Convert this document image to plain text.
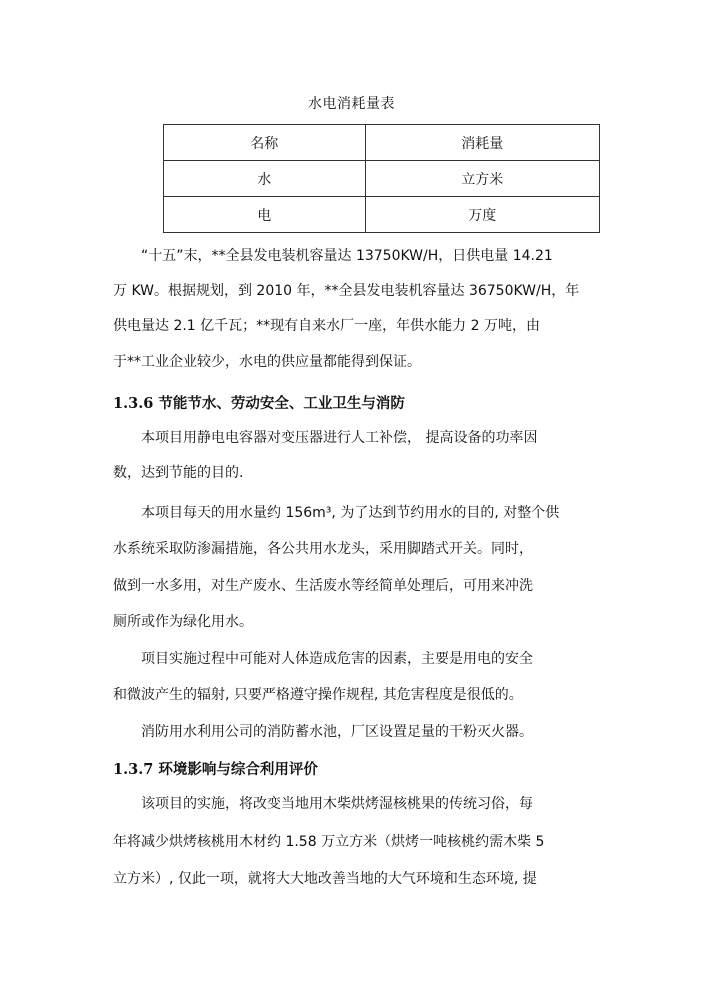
水电消耗量表
名称	消耗量
水	立方米
电	万度
“十五”末，**全县发电装机容量达 13750KW/H，日供电量 14.21
万 KW。根据规划，到 2010 年，**全县发电装机容量达 36750KW/H，年
供电量达 2.1 亿千瓦；**现有自来水厂一座，年供水能力 2 万吨，由
于**工业企业较少，水电的供应量都能得到保证。
1.3.6 节能节水、劳动安全、工业卫生与消防
本项目用静电电容器对变压器进行人工补偿， 提高设备的功率因
数，达到节能的目的.
本项目每天的用水量约 156m³, 为了达到节约用水的目的, 对整个供
水系统采取防渗漏措施，各公共用水龙头，采用脚踏式开关。同时，
做到一水多用，对生产废水、生活废水等经简单处理后，可用来冲洗
厕所或作为绿化用水。
项目实施过程中可能对人体造成危害的因素，主要是用电的安全
和微波产生的辐射, 只要严格遵守操作规程, 其危害程度是很低的。
消防用水利用公司的消防蓄水池，厂区设置足量的干粉灭火器。
1.3.7 环境影响与综合利用评价
该项目的实施，将改变当地用木柴烘烤湿核桃果的传统习俗，每
年将减少烘烤核桃用木材约 1.58 万立方米（烘烤一吨核桃约需木柴 5
立方米）, 仅此一项，就将大大地改善当地的大气环境和生态环境, 提
